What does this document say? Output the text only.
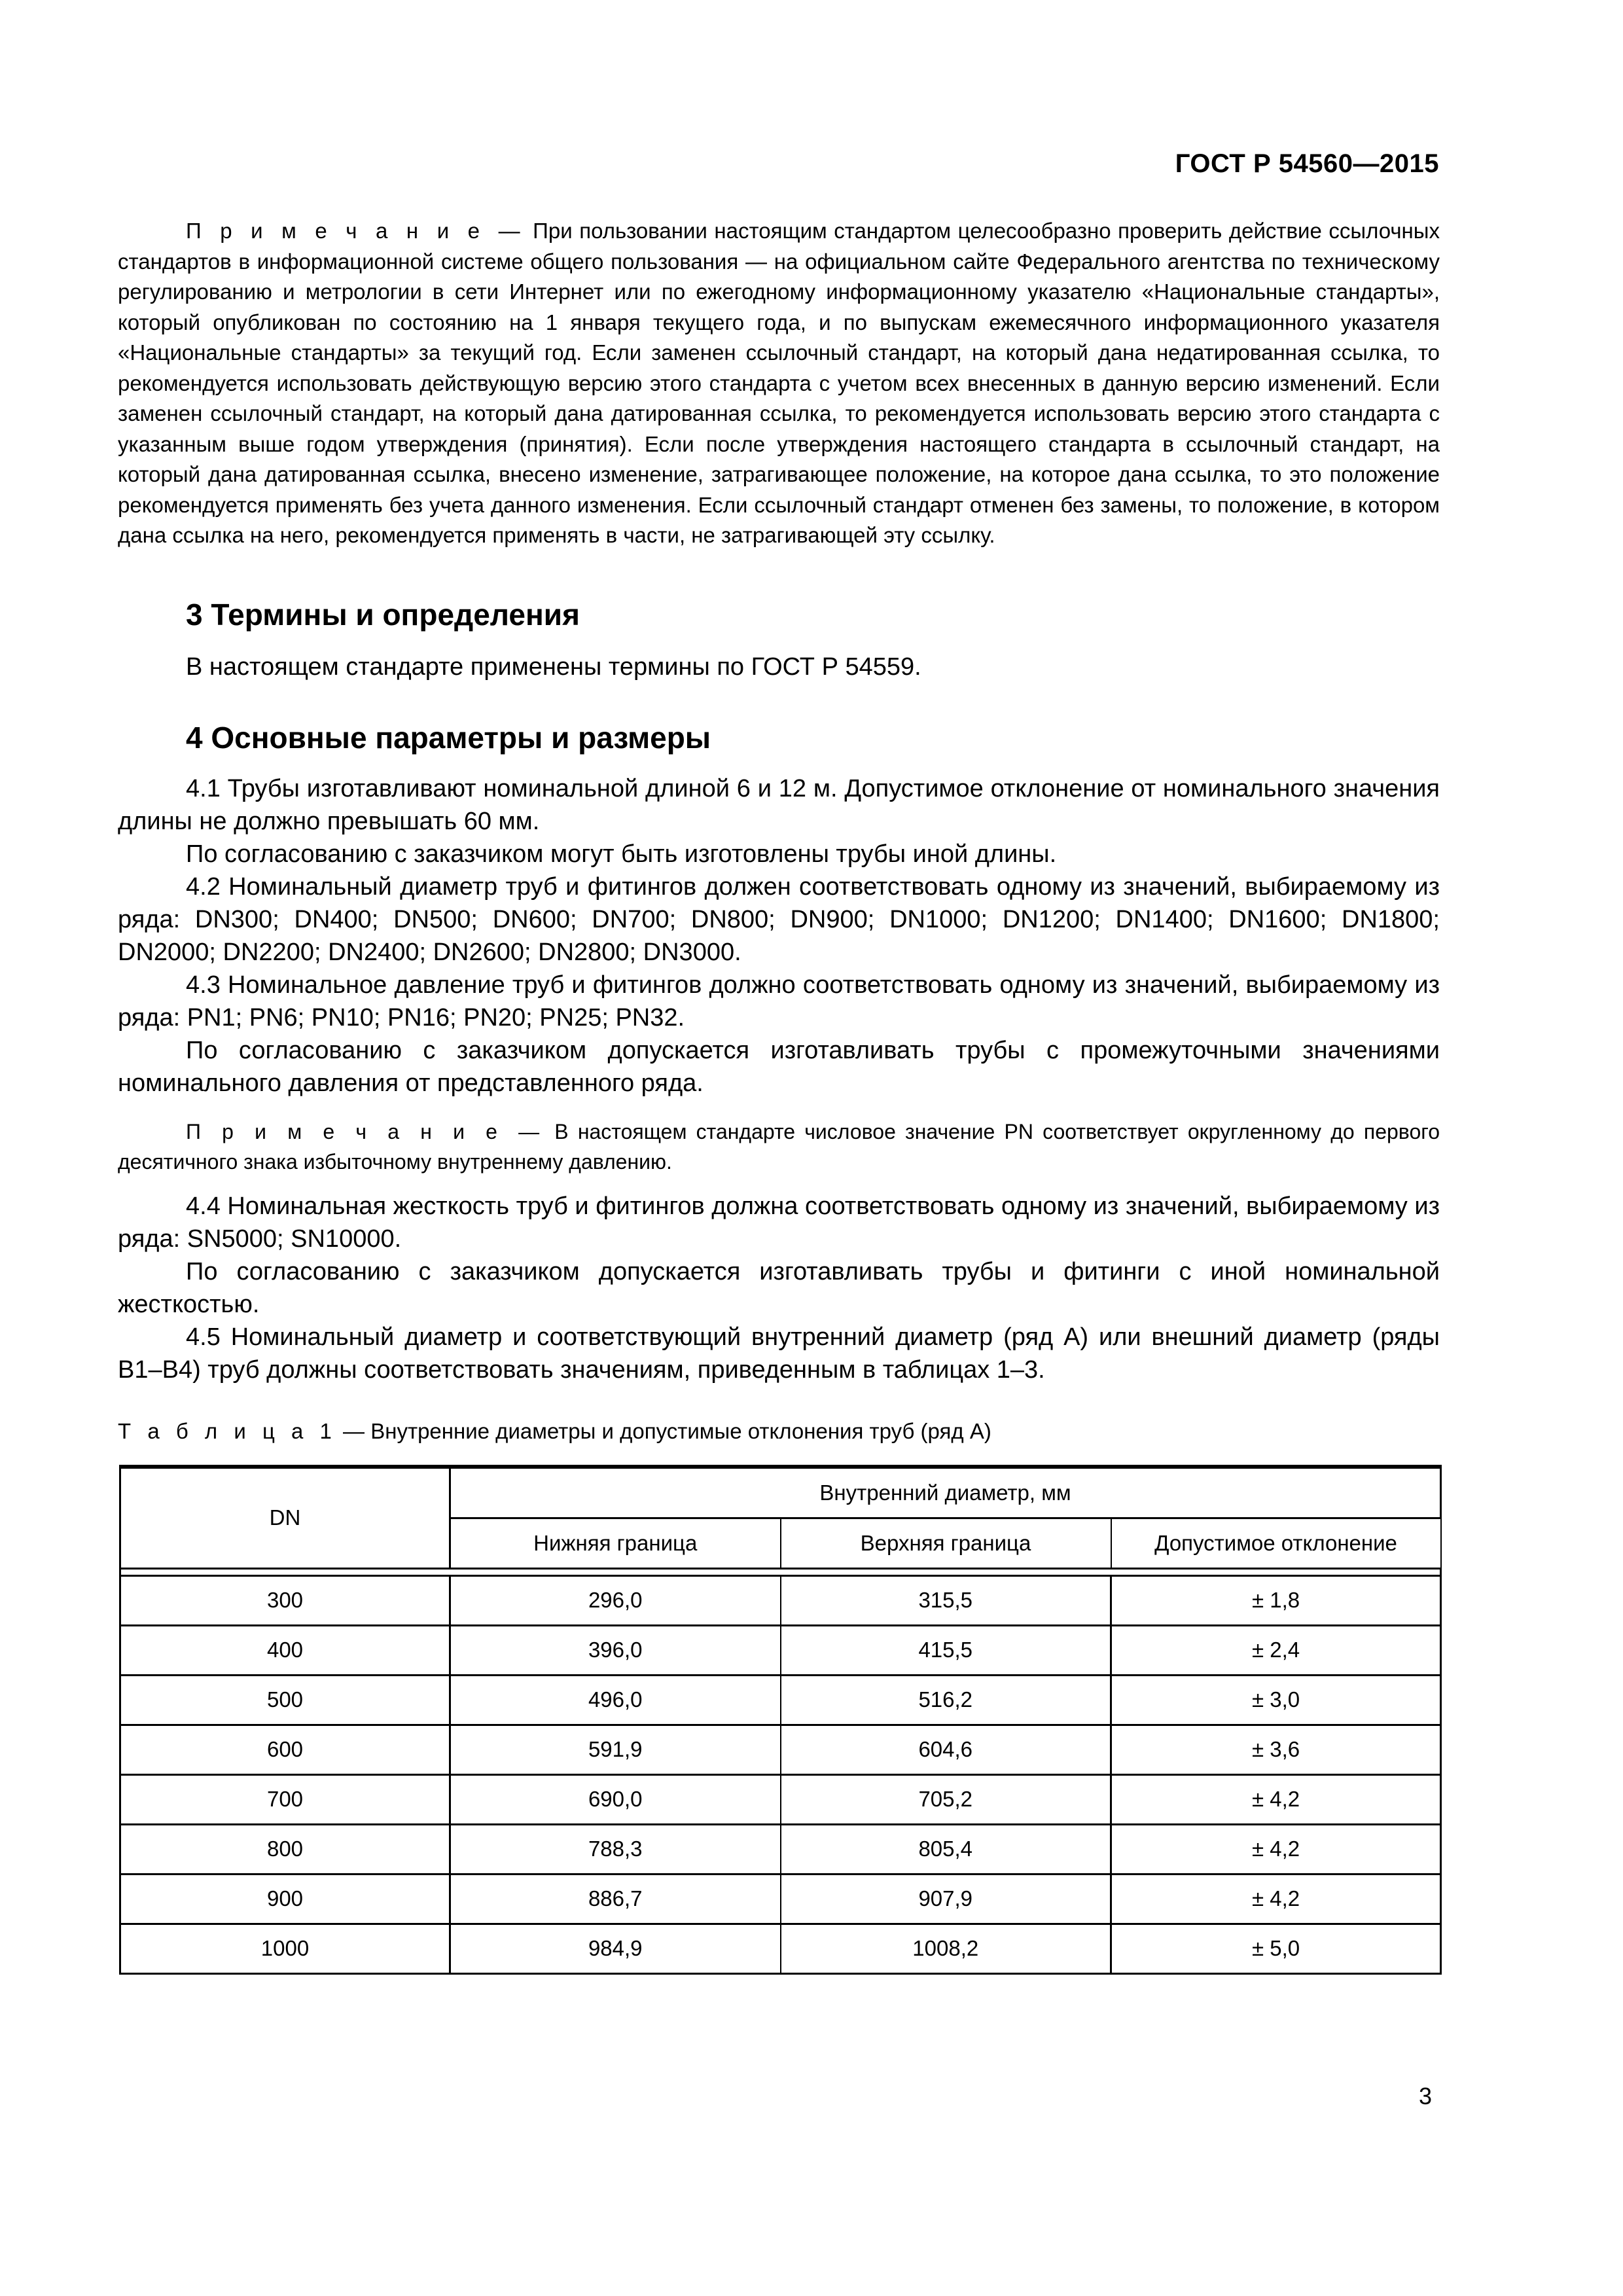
ГОСТ Р 54560—2015

П р и м е ч а н и е — При пользовании настоящим стандартом целесообразно проверить действие ссылочных стандартов в информационной системе общего пользования — на официальном сайте Федерального агентства по техническому регулированию и метрологии в сети Интернет или по ежегодному информационному указателю «Национальные стандарты», который опубликован по состоянию на 1 января текущего года, и по выпускам ежемесячного информационного указателя «Национальные стандарты» за текущий год. Если заменен ссылочный стандарт, на который дана недатированная ссылка, то рекомендуется использовать действующую версию этого стандарта с учетом всех внесенных в данную версию изменений. Если заменен ссылочный стандарт, на который дана датированная ссылка, то рекомендуется использовать версию этого стандарта с указанным выше годом утверждения (принятия). Если после утверждения настоящего стандарта в ссылочный стандарт, на который дана датированная ссылка, внесено изменение, затрагивающее положение, на которое дана ссылка, то это положение рекомендуется применять без учета данного изменения. Если ссылочный стандарт отменен без замены, то положение, в котором дана ссылка на него, рекомендуется применять в части, не затрагивающей эту ссылку.

3 Термины и определения

В настоящем стандарте применены термины по ГОСТ Р 54559.

4 Основные параметры и размеры

4.1 Трубы изготавливают номинальной длиной 6 и 12 м. Допустимое отклонение от номинального значения длины не должно превышать 60 мм.

По согласованию с заказчиком могут быть изготовлены трубы иной длины.

4.2 Номинальный диаметр труб и фитингов должен соответствовать одному из значений, выбираемому из ряда: DN300; DN400; DN500; DN600; DN700; DN800; DN900; DN1000; DN1200; DN1400; DN1600; DN1800; DN2000; DN2200; DN2400; DN2600; DN2800; DN3000.

4.3 Номинальное давление труб и фитингов должно соответствовать одному из значений, выбираемому из ряда: PN1; PN6; PN10; PN16; PN20; PN25; PN32.

По согласованию с заказчиком допускается изготавливать трубы с промежуточными значениями номинального давления от представленного ряда.

П р и м е ч а н и е — В настоящем стандарте числовое значение PN соответствует округленному до первого десятичного знака избыточному внутреннему давлению.

4.4 Номинальная жесткость труб и фитингов должна соответствовать одному из значений, выбираемому из ряда: SN5000; SN10000.

По согласованию с заказчиком допускается изготавливать трубы и фитинги с иной номинальной жесткостью.

4.5 Номинальный диаметр и соответствующий внутренний диаметр (ряд А) или внешний диаметр (ряды В1–В4) труб должны соответствовать значениям, приведенным в таблицах 1–3.

Т а б л и ц а 1 — Внутренние диаметры и допустимые отклонения труб (ряд А)

DN	Внутренний диаметр, мм		
	Нижняя граница	Верхняя граница	Допустимое отклонение

300	296,0	315,5	± 1,8
400	396,0	415,5	± 2,4
500	496,0	516,2	± 3,0
600	591,9	604,6	± 3,6
700	690,0	705,2	± 4,2
800	788,3	805,4	± 4,2
900	886,7	907,9	± 4,2
1000	984,9	1008,2	± 5,0
3
